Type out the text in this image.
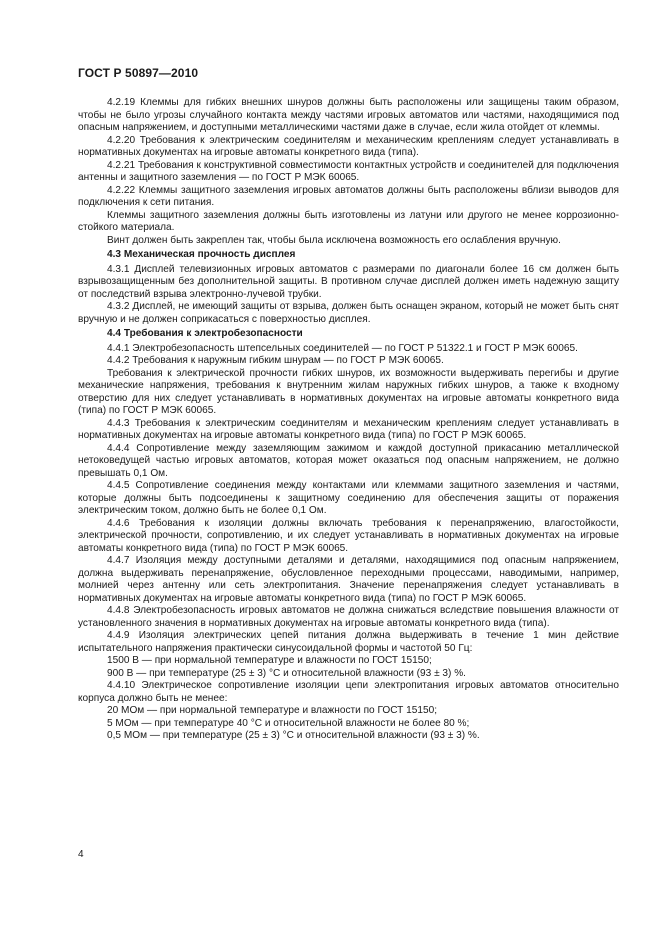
ГОСТ Р 50897—2010

4.2.19 Клеммы для гибких внешних шнуров должны быть расположены или защищены таким образом, чтобы не было угрозы случайного контакта между частями игровых автоматов или частями, находящимися под опасным напряжением, и доступными металлическими частями даже в случае, если жила отойдет от клеммы.

4.2.20 Требования к электрическим соединителям и механическим креплениям следует устанавливать в нормативных документах на игровые автоматы конкретного вида (типа).

4.2.21 Требования к конструктивной совместимости контактных устройств и соединителей для подключения антенны и защитного заземления — по ГОСТ Р МЭК 60065.

4.2.22 Клеммы защитного заземления игровых автоматов должны быть расположены вблизи выводов для подключения к сети питания.

Клеммы защитного заземления должны быть изготовлены из латуни или другого не менее коррозионно-стойкого материала.

Винт должен быть закреплен так, чтобы была исключена возможность его ослабления вручную.

4.3 Механическая прочность дисплея

4.3.1 Дисплей телевизионных игровых автоматов с размерами по диагонали более 16 см должен быть взрывозащищенным без дополнительной защиты. В противном случае дисплей должен иметь надежную защиту от последствий взрыва электронно-лучевой трубки.

4.3.2 Дисплей, не имеющий защиты от взрыва, должен быть оснащен экраном, который не может быть снят вручную и не должен соприкасаться с поверхностью дисплея.

4.4 Требования к электробезопасности

4.4.1 Электробезопасность штепсельных соединителей — по ГОСТ Р 51322.1 и ГОСТ Р МЭК 60065.

4.4.2 Требования к наружным гибким шнурам — по ГОСТ Р МЭК 60065.

Требования к электрической прочности гибких шнуров, их возможности выдерживать перегибы и другие механические напряжения, требования к внутренним жилам наружных гибких шнуров, а также к входному отверстию для них следует устанавливать в нормативных документах на игровые автоматы конкретного вида (типа) по ГОСТ Р МЭК 60065.

4.4.3 Требования к электрическим соединителям и механическим креплениям следует устанавливать в нормативных документах на игровые автоматы конкретного вида (типа) по ГОСТ Р МЭК 60065.

4.4.4 Сопротивление между заземляющим зажимом и каждой доступной прикасанию металлической нетоковедущей частью игровых автоматов, которая может оказаться под опасным напряжением, не должно превышать 0,1 Ом.

4.4.5 Сопротивление соединения между контактами или клеммами защитного заземления и частями, которые должны быть подсоединены к защитному соединению для обеспечения защиты от поражения электрическим током, должно быть не более 0,1 Ом.

4.4.6 Требования к изоляции должны включать требования к перенапряжению, влагостойкости, электрической прочности, сопротивлению, и их следует устанавливать в нормативных документах на игровые автоматы конкретного вида (типа) по ГОСТ Р МЭК 60065.

4.4.7 Изоляция между доступными деталями и деталями, находящимися под опасным напряжением, должна выдерживать перенапряжение, обусловленное переходными процессами, наводимыми, например, молнией через антенну или сеть электропитания. Значение перенапряжения следует устанавливать в нормативных документах на игровые автоматы конкретного вида (типа) по ГОСТ Р МЭК 60065.

4.4.8 Электробезопасность игровых автоматов не должна снижаться вследствие повышения влажности от установленного значения в нормативных документах на игровые автоматы конкретного вида (типа).

4.4.9 Изоляция электрических цепей питания должна выдерживать в течение 1 мин действие испытательного напряжения практически синусоидальной формы и частотой 50 Гц:

1500 В — при нормальной температуре и влажности по ГОСТ 15150;

900 В — при температуре (25 ± 3) °С и относительной влажности (93 ± 3) %.

4.4.10 Электрическое сопротивление изоляции цепи электропитания игровых автоматов относительно корпуса должно быть не менее:

20 МОм — при нормальной температуре и влажности по ГОСТ 15150;

5 МОм — при температуре 40 °С и относительной влажности не более 80 %;

0,5 МОм — при температуре (25 ± 3) °С и относительной влажности (93 ± 3) %.

4
